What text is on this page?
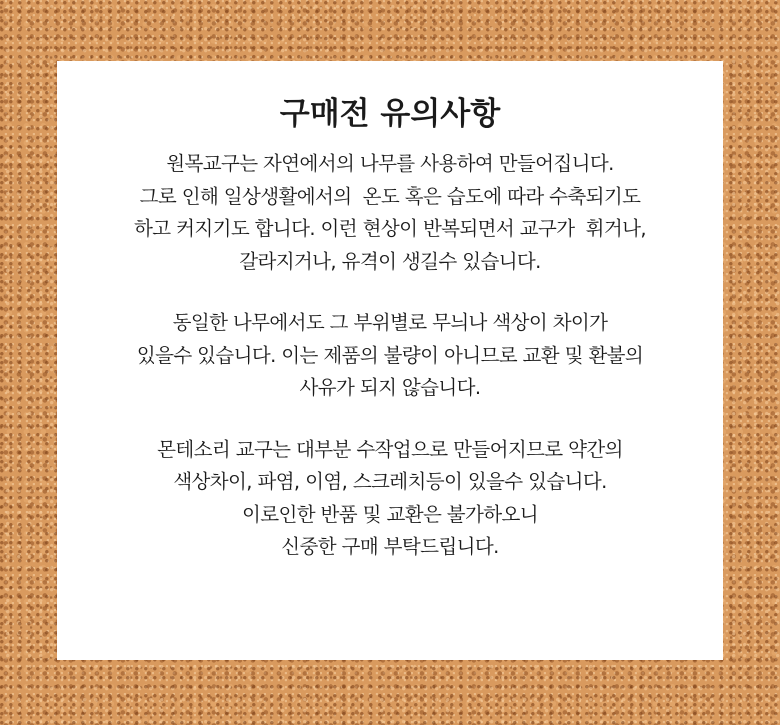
구매전 유의사항

원목교구는 자연에서의 나무를 사용하여 만들어집니다.
그로 인해 일상생활에서의  온도 혹은 습도에 따라 수축되기도
하고 커지기도 합니다. 이런 현상이 반복되면서 교구가  휘거나,
갈라지거나, 유격이 생길수 있습니다.

동일한 나무에서도 그 부위별로 무늬나 색상이 차이가
있을수 있습니다. 이는 제품의 불량이 아니므로 교환 및 환불의
사유가 되지 않습니다.

몬테소리 교구는 대부분 수작업으로 만들어지므로 약간의
색상차이, 파염, 이염, 스크레치등이 있을수 있습니다.
이로인한 반품 및 교환은 불가하오니
신중한 구매 부탁드립니다.
